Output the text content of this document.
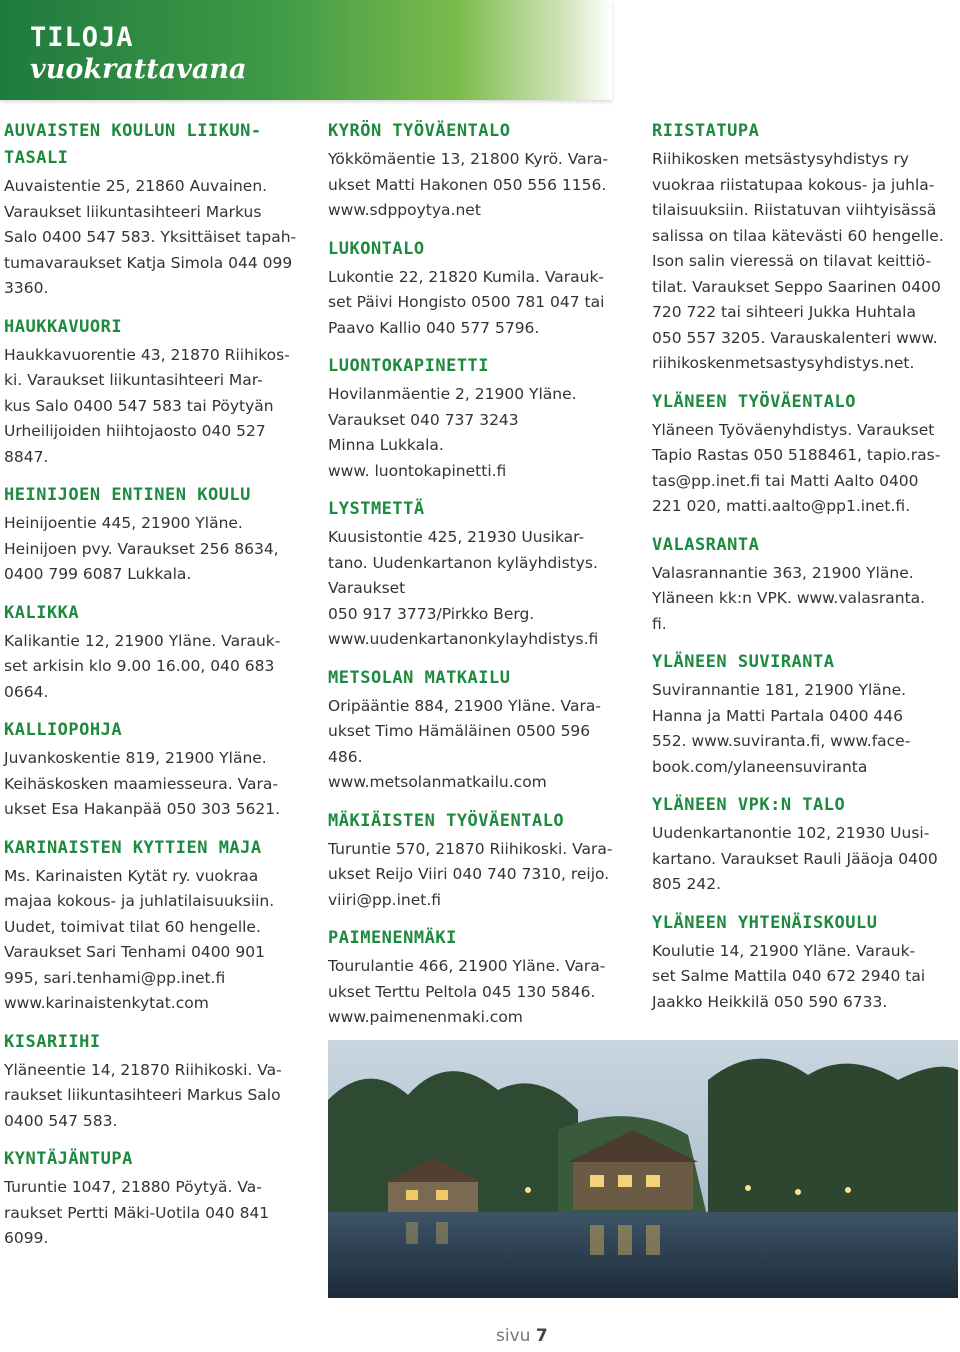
TILOJA
vuokrattavana
AUVAISTEN KOULUN LIIKUN-
TASALI

Auvaistentie 25, 21860 Auvainen.
Varaukset liikuntasihteeri Markus
Salo 0400 547 583. Yksittäiset tapah-
tumavaraukset Katja Simola 044 099
3360.

HAUKKAVUORI

Haukkavuorentie 43, 21870 Riihikos-
ki. Varaukset liikuntasihteeri Mar-
kus Salo 0400 547 583 tai Pöytyän
Urheilijoiden hiihtojaosto 040 527
8847.

HEINIJOEN ENTINEN KOULU

Heinijoentie 445, 21900 Yläne.
Heinijoen pvy. Varaukset 256 8634,
0400 799 6087 Lukkala.

KALIKKA

Kalikantie 12, 21900 Yläne. Varauk-
set arkisin klo 9.00 16.00, 040 683
0664.

KALLIOPOHJA

Juvankoskentie 819, 21900 Yläne.
Keihäskosken maamiesseura. Vara-
ukset Esa Hakanpää 050 303 5621.

KARINAISTEN KYTTIEN MAJA

Ms. Karinaisten Kytät ry. vuokraa
majaa kokous- ja juhlatilaisuuksiin.
Uudet, toimivat tilat 60 hengelle.
Varaukset Sari Tenhami 0400 901
995, sari.tenhami@pp.inet.fi
www.karinaistenkytat.com

KISARIIHI

Yläneentie 14, 21870 Riihikoski. Va-
raukset liikuntasihteeri Markus Salo
0400 547 583.

KYNTÄJÄNTUPA

Turuntie 1047, 21880 Pöytyä. Va-
raukset Pertti Mäki-Uotila 040 841
6099.

KYRÖN TYÖVÄENTALO

Yökkömäentie 13, 21800 Kyrö. Vara-
ukset Matti Hakonen 050 556 1156.
www.sdppoytya.net

LUKONTALO

Lukontie 22, 21820 Kumila. Varauk-
set Päivi Hongisto 0500 781 047 tai
Paavo Kallio 040 577 5796.

LUONTOKAPINETTI

Hovilanmäentie 2, 21900 Yläne.
Varaukset 040 737 3243
Minna Lukkala.
www. luontokapinetti.fi

LYSTMETTÄ

Kuusistontie 425, 21930 Uusikar-
tano. Uudenkartanon kyläyhdistys.
Varaukset
050 917 3773/Pirkko Berg.
www.uudenkartanonkylayhdistys.fi

METSOLAN MATKAILU

Oripääntie 884, 21900 Yläne. Vara-
ukset Timo Hämäläinen 0500 596
486.
www.metsolanmatkailu.com

MÄKIÄISTEN TYÖVÄENTALO

Turuntie 570, 21870 Riihikoski. Vara-
ukset Reijo Viiri 040 740 7310, reijo.
viiri@pp.inet.fi

PAIMENENMÄKI

Tourulantie 466, 21900 Yläne. Vara-
ukset Terttu Peltola 045 130 5846.
www.paimenenmaki.com

RIISTATUPA

Riihikosken metsästysyhdistys ry
vuokraa riistatupaa kokous- ja juhla-
tilaisuuksiin. Riistatuvan viihtyisässä
salissa on tilaa kätevästi 60 hengelle.
Ison salin vieressä on tilavat keittiö-
tilat. Varaukset Seppo Saarinen 0400
720 722 tai sihteeri Jukka Huhtala
050 557 3205. Varauskalenteri www.
riihikoskenmetsastysyhdistys.net.

YLÄNEEN TYÖVÄENTALO

Yläneen Työväenyhdistys. Varaukset
Tapio Rastas 050 5188461, tapio.ras-
tas@pp.inet.fi tai Matti Aalto 0400
221 020, matti.aalto@pp1.inet.fi.

VALASRANTA

Valasrannantie 363, 21900 Yläne.
Yläneen kk:n VPK. www.valasranta.
fi.

YLÄNEEN SUVIRANTA

Suvirannantie 181, 21900 Yläne.
Hanna ja Matti Partala 0400 446
552. www.suviranta.fi, www.face-
book.com/ylaneensuviranta

YLÄNEEN VPK:N TALO

Uudenkartanontie 102, 21930 Uusi-
kartano. Varaukset Rauli Jääoja 0400
805 242.

YLÄNEEN YHTENÄISKOULU

Koulutie 14, 21900 Yläne. Varauk-
set Salme Mattila 040 672 2940 tai
Jaakko Heikkilä 050 590 6733.

sivu 7
